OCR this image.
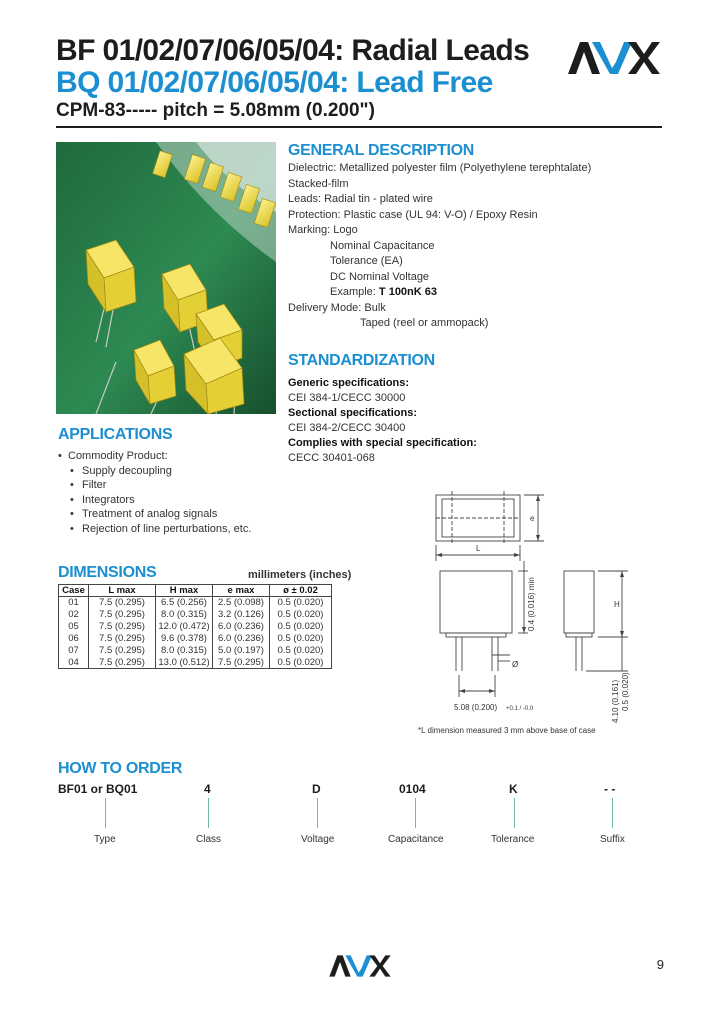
BF 01/02/07/06/05/04: Radial Leads
BQ 01/02/07/06/05/04: Lead Free
CPM-83----- pitch = 5.08mm (0.200")
GENERAL DESCRIPTION
Dielectric: Metallized polyester film (Polyethylene terephtalate)
Stacked-film
Leads: Radial tin - plated wire
Protection: Plastic case (UL 94: V-O) / Epoxy Resin
Marking: Logo
Nominal Capacitance
Tolerance (EA)
DC Nominal Voltage
Example: T 100nK 63
Delivery Mode: Bulk
Taped (reel or ammopack)
STANDARDIZATION
Generic specifications:
CEI 384-1/CECC 30000
Sectional specifications:
CEI 384-2/CECC 30400
Complies with special specification:
CECC 30401-068
APPLICATIONS
• Commodity Product:
• Supply decoupling
• Filter
• Integrators
• Treatment of analog signals
• Rejection of line perturbations, etc.
DIMENSIONS	millimeters (inches)
Case	L max	H max	e max	ø ± 0.02
01	7.5 (0.295)	6.5 (0.256)	2.5 (0.098)	0.5 (0.020)
02	7.5 (0.295)	8.0 (0.315)	3.2 (0.126)	0.5 (0.020)
05	7.5 (0.295)	12.0 (0.472)	6.0 (0.236)	0.5 (0.020)
06	7.5 (0.295)	9.6 (0.378)	6.0 (0.236)	0.5 (0.020)
07	7.5 (0.295)	8.0 (0.315)	5.0 (0.197)	0.5 (0.020)
04	7.5 (0.295)	13.0 (0.512)	7.5 (0.295)	0.5 (0.020)
e
L
H
Ø
0.4 (0.016) min
5.08 (0.200) +0.1 / -0.0	4.10 (0.161) 0.5 (0.020)
*L dimension measured 3 mm above base of case
HOW TO ORDER
BF01 or BQ01	4	D	0104	K	- -
Type	Class	Voltage	Capacitance	Tolerance	Suffix
9
